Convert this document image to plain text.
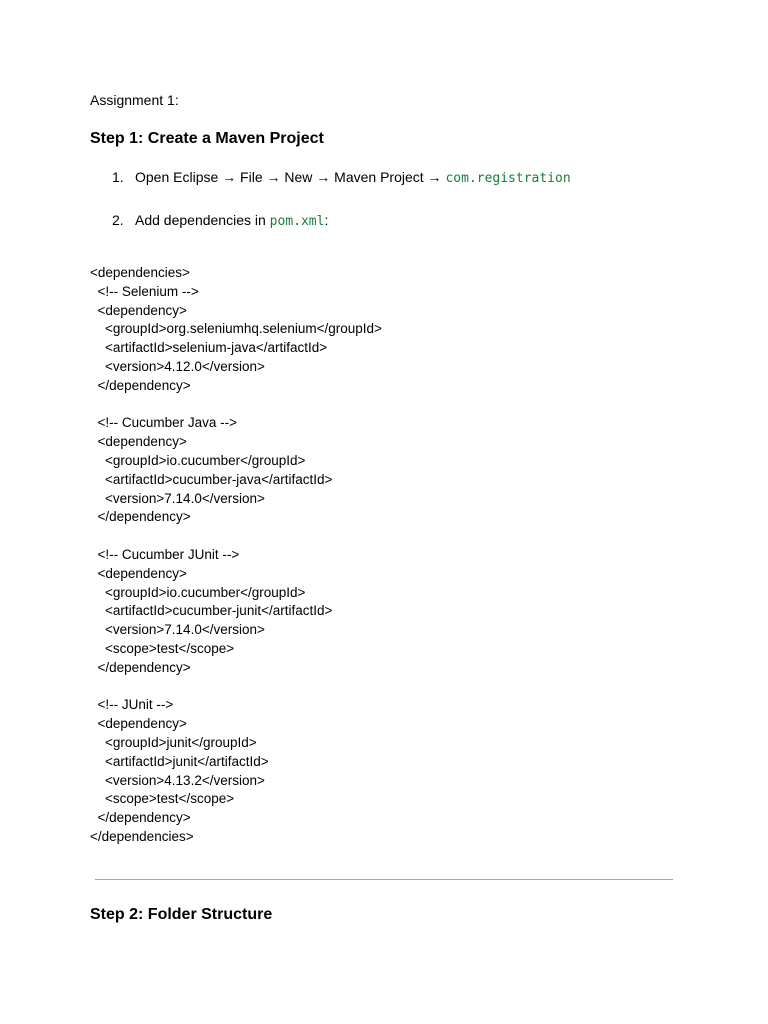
Assignment 1:
Step 1: Create a Maven Project
1. Open Eclipse → File → New → Maven Project → com.registration
2. Add dependencies in pom.xml:
<dependencies>
<!-- Selenium -->
<dependency>
<groupId>org.seleniumhq.selenium</groupId>
<artifactId>selenium-java</artifactId>
<version>4.12.0</version>
</dependency>
<!-- Cucumber Java -->
<dependency>
<groupId>io.cucumber</groupId>
<artifactId>cucumber-java</artifactId>
<version>7.14.0</version>
</dependency>
<!-- Cucumber JUnit -->
<dependency>
<groupId>io.cucumber</groupId>
<artifactId>cucumber-junit</artifactId>
<version>7.14.0</version>
<scope>test</scope>
</dependency>
<!-- JUnit -->
<dependency>
<groupId>junit</groupId>
<artifactId>junit</artifactId>
<version>4.13.2</version>
<scope>test</scope>
</dependency>
</dependencies>
Step 2: Folder Structure
